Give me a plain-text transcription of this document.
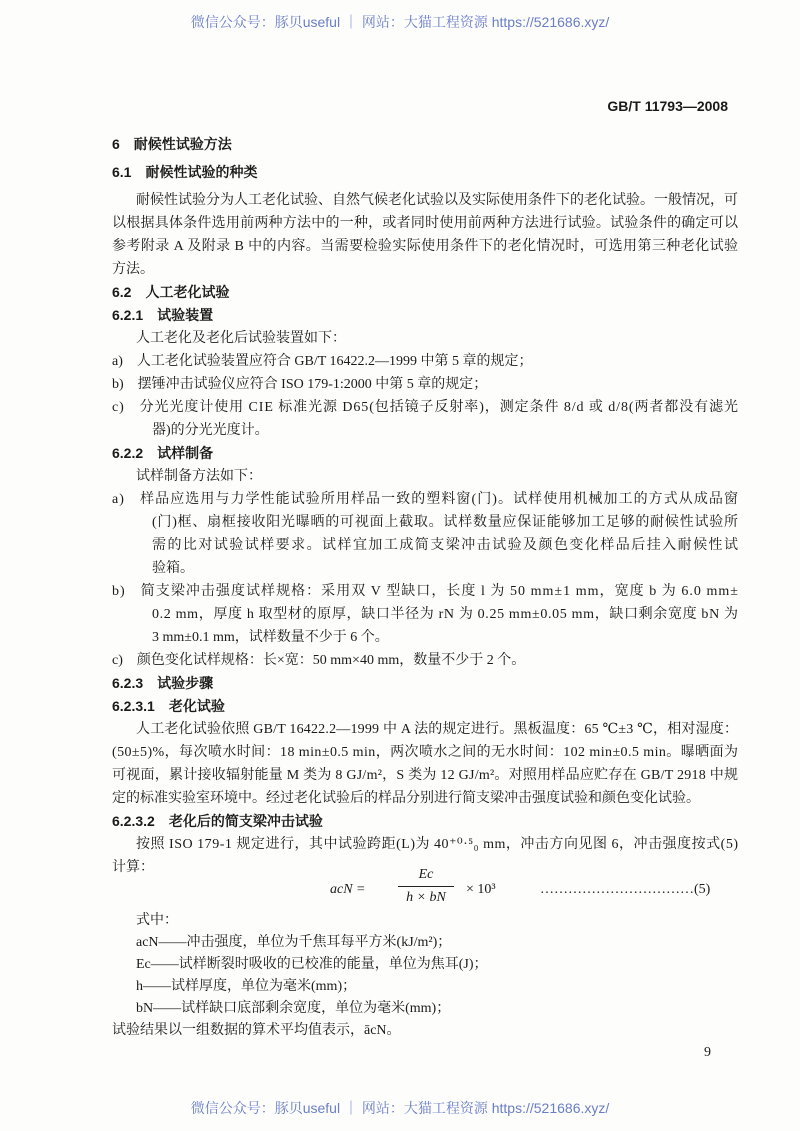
微信公众号：豚贝useful ｜ 网站：大猫工程资源 https://521686.xyz/
GB/T 11793—2008
6　耐候性试验方法
6.1　耐候性试验的种类
耐候性试验分为人工老化试验、自然气候老化试验以及实际使用条件下的老化试验。一般情况，可
以根据具体条件选用前两种方法中的一种，或者同时使用前两种方法进行试验。试验条件的确定可以
参考附录 A 及附录 B 中的内容。当需要检验实际使用条件下的老化情况时，可选用第三种老化试验
方法。
6.2　人工老化试验
6.2.1　试验装置
人工老化及老化后试验装置如下：
a)　人工老化试验装置应符合 GB/T 16422.2—1999 中第 5 章的规定；
b)　摆锤冲击试验仪应符合 ISO 179-1:2000 中第 5 章的规定；
c)　分光光度计使用 CIE 标准光源 D65(包括镜子反射率)，测定条件 8/d 或 d/8(两者都没有滤光
器)的分光光度计。
6.2.2　试样制备
试样制备方法如下：
a)　样品应选用与力学性能试验所用样品一致的塑料窗(门)。试样使用机械加工的方式从成品窗
(门)框、扇框接收阳光曝晒的可视面上截取。试样数量应保证能够加工足够的耐候性试验所
需的比对试验试样要求。试样宜加工成简支梁冲击试验及颜色变化样品后挂入耐候性试
验箱。
b)　简支梁冲击强度试样规格：采用双 V 型缺口，长度 l 为 50 mm±1 mm，宽度 b 为 6.0 mm±
0.2 mm，厚度 h 取型材的原厚，缺口半径为 rN 为 0.25 mm±0.05 mm，缺口剩余宽度 bN 为
3 mm±0.1 mm，试样数量不少于 6 个。
c)　颜色变化试样规格：长×宽：50 mm×40 mm，数量不少于 2 个。
6.2.3　试验步骤
6.2.3.1　老化试验
人工老化试验依照 GB/T 16422.2—1999 中 A 法的规定进行。黑板温度：65 ℃±3 ℃，相对湿度：
(50±5)%，每次喷水时间：18 min±0.5 min，两次喷水之间的无水时间：102 min±0.5 min。曝晒面为
可视面，累计接收辐射能量 M 类为 8 GJ/m²，S 类为 12 GJ/m²。对照用样品应贮存在 GB/T 2918 中规
定的标准实验室环境中。经过老化试验后的样品分别进行简支梁冲击强度试验和颜色变化试验。
6.2.3.2　老化后的简支梁冲击试验
按照 ISO 179-1 规定进行，其中试验跨距(L)为 40⁺⁰·⁵₀ mm，冲击方向见图 6，冲击强度按式(5)
计算：
式中：
acN——冲击强度，单位为千焦耳每平方米(kJ/m²)；
Ec——试样断裂时吸收的已校准的能量，单位为焦耳(J)；
h——试样厚度，单位为毫米(mm)；
bN——试样缺口底部剩余宽度，单位为毫米(mm)；
试验结果以一组数据的算术平均值表示，ācN。
acN =
Ec
h × bN
× 10³	……………………………(5)
9
微信公众号：豚贝useful ｜ 网站：大猫工程资源 https://521686.xyz/
